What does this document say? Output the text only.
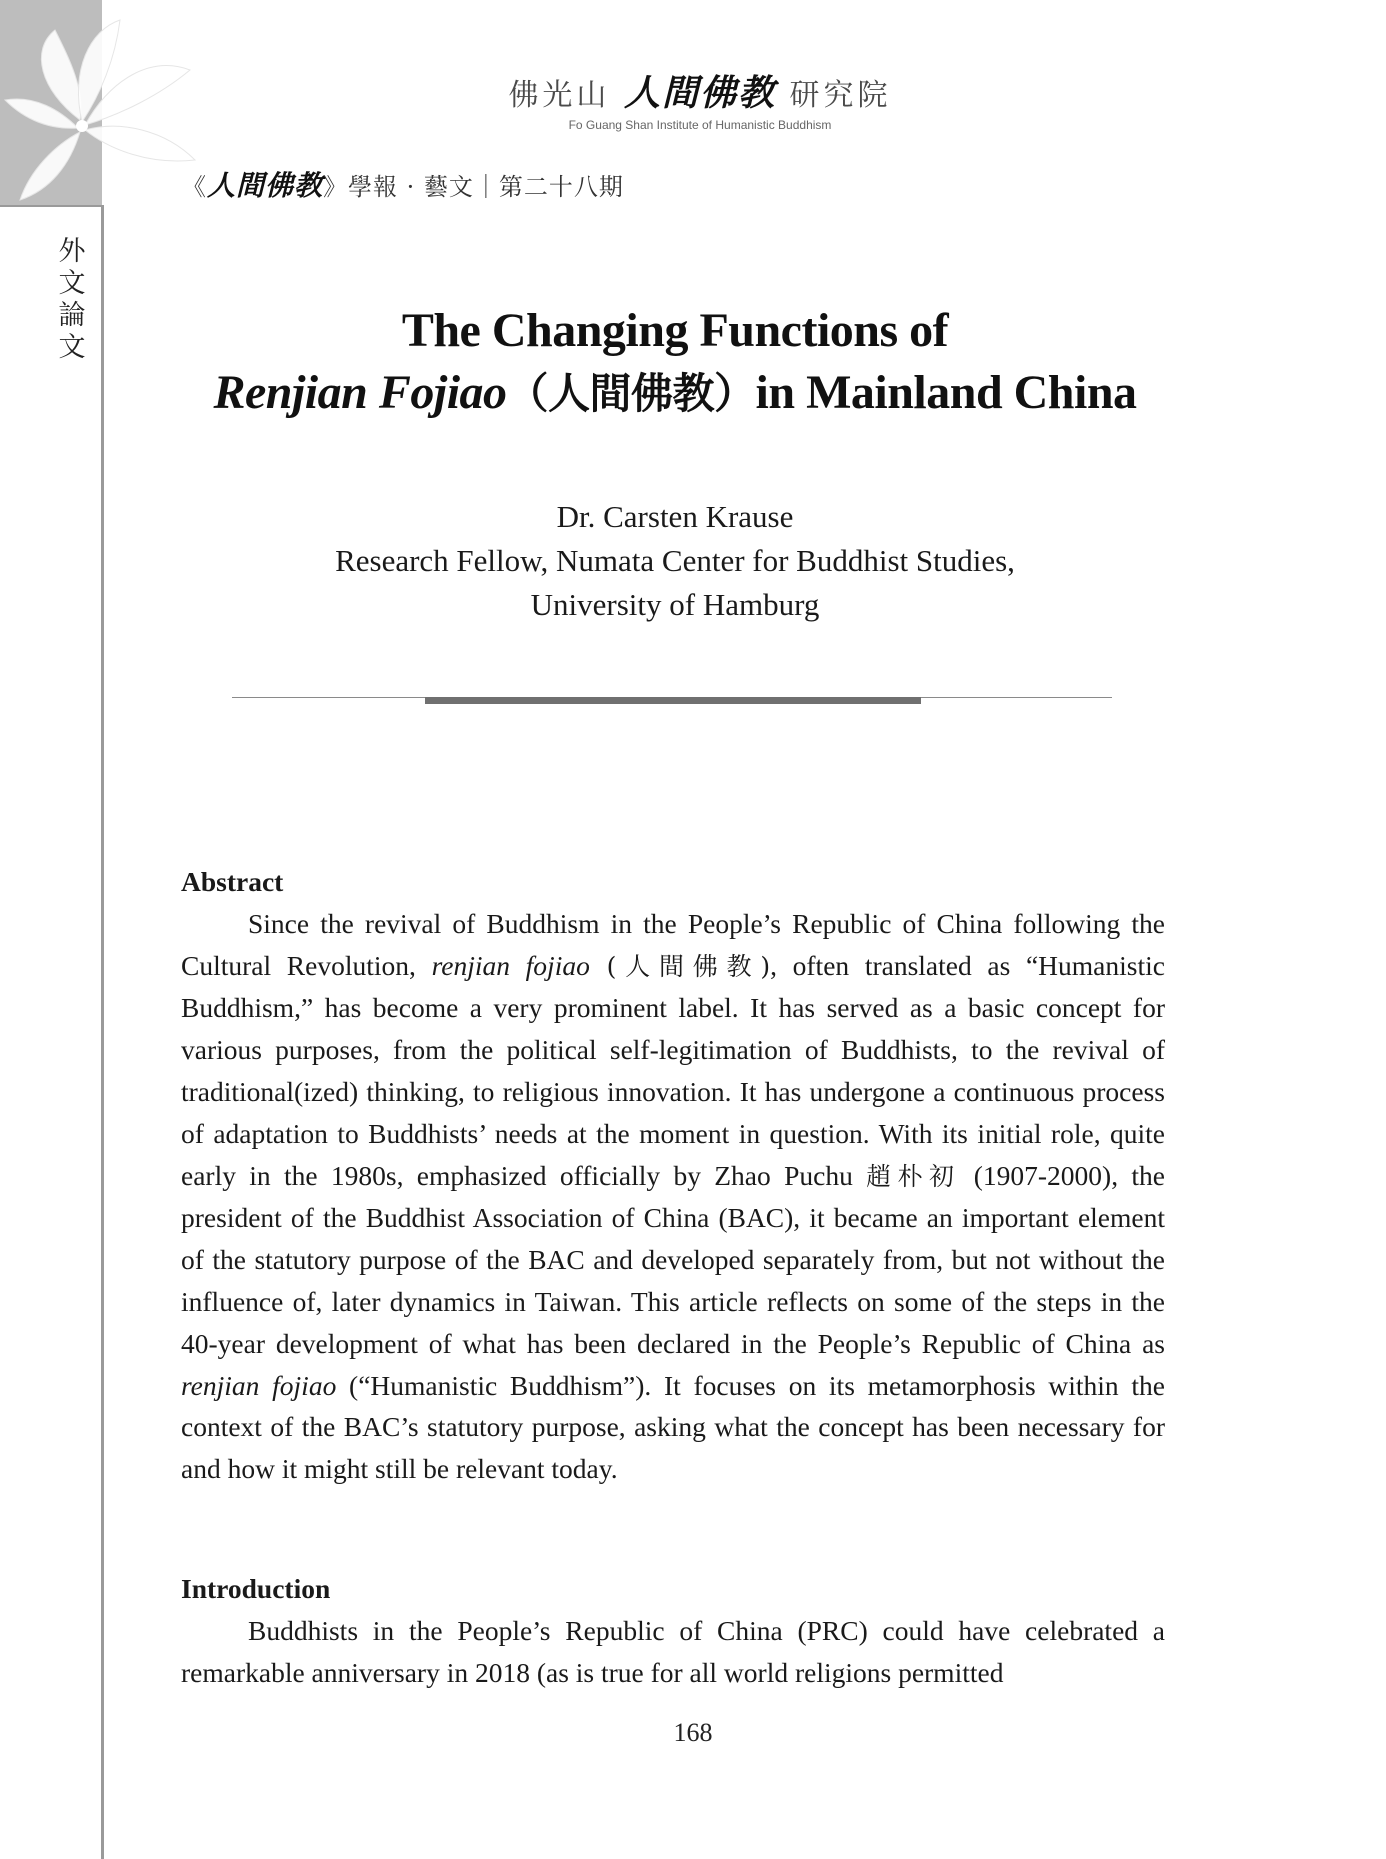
外
文
論
文
佛光山 人間佛教 研究院
Fo Guang Shan Institute of Humanistic Buddhism
《人間佛教》學報 · 藝文｜第二十八期
The Changing Functions of
Renjian Fojiao（人間佛教）in Mainland China
Dr. Carsten Krause
Research Fellow, Numata Center for Buddhist Studies,
University of Hamburg
Abstract

Since the revival of Buddhism in the People’s Republic of China following the Cultural Revolution, renjian fojiao (人間佛教), often translated as “Humanistic Buddhism,” has become a very prominent label. It has served as a basic concept for various purposes, from the political self-legitimation of Buddhists, to the revival of traditional(ized) thinking, to religious innovation. It has undergone a continuous process of adaptation to Buddhists’ needs at the moment in question. With its initial role, quite early in the 1980s, emphasized officially by Zhao Puchu 趙朴初 (1907-2000), the president of the Buddhist Association of China (BAC), it became an important element of the statutory purpose of the BAC and developed separately from, but not without the influence of, later dynamics in Taiwan. This article reflects on some of the steps in the 40-year development of what has been declared in the People’s Republic of China as renjian fojiao (“Humanistic Buddhism”). It focuses on its metamorphosis within the context of the BAC’s statutory purpose, asking what the concept has been necessary for and how it might still be relevant today.

Introduction

Buddhists in the People’s Republic of China (PRC) could have celebrated a remarkable anniversary in 2018 (as is true for all world religions permitted

168
